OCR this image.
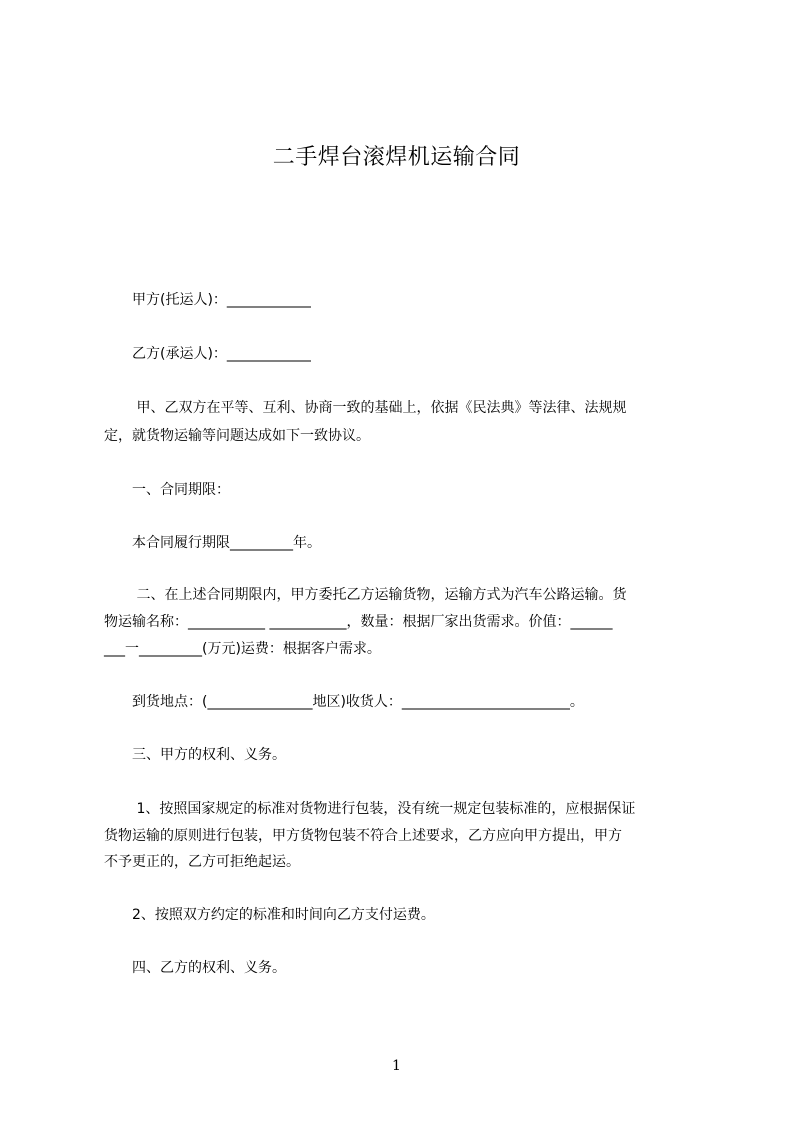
二手焊台滚焊机运输合同
　　甲方(托运人)：____________
　　乙方(承运人)：____________
　　 甲、乙双方在平等、互利、协商一致的基础上，依据《民法典》等法律、法规规
定，就货物运输等问题达成如下一致协议。
　　一、合同期限：
　　本合同履行期限_________年。
　　 二、在上述合同期限内，甲方委托乙方运输货物，运输方式为汽车公路运输。货
物运输名称：___________ ___________，数量：根据厂家出货需求。价值：______
___一_________(万元)运费：根据客户需求。
　　到货地点：(_______________地区)收货人：________________________。
　　三、甲方的权利、义务。
　　 1、按照国家规定的标准对货物进行包装，没有统一规定包装标准的，应根据保证
货物运输的原则进行包装，甲方货物包装不符合上述要求，乙方应向甲方提出，甲方
不予更正的，乙方可拒绝起运。
　　2、按照双方约定的标准和时间向乙方支付运费。
　　四、乙方的权利、义务。
1
